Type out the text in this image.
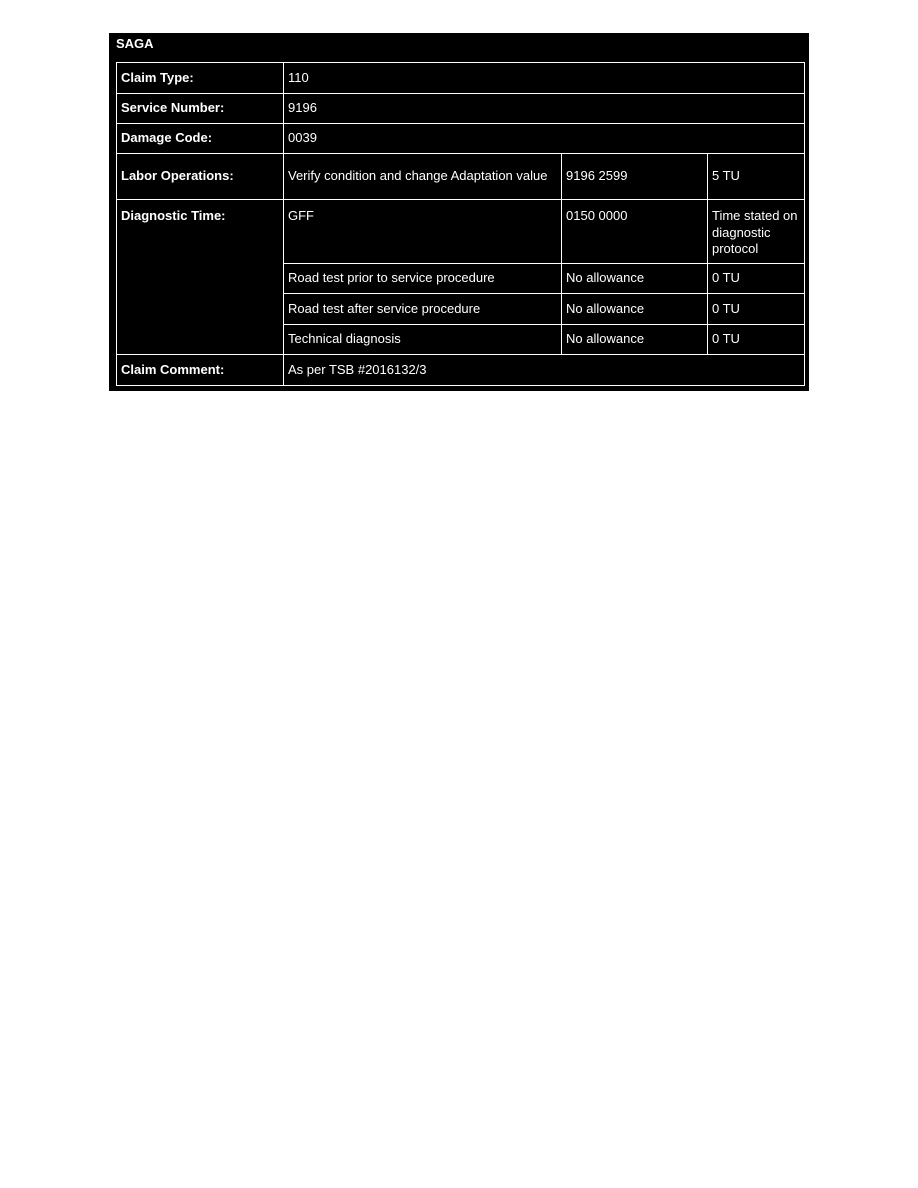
SAGA
Claim Type:	110		
Service Number:	9196		
Damage Code:	0039		
Labor Operations:	Verify condition and change Adaptation value	9196 2599	5 TU
Diagnostic Time:	GFF	0150 0000	Time stated on diagnostic protocol
	Road test prior to service procedure	No allowance	0 TU
	Road test after service procedure	No allowance	0 TU
	Technical diagnosis	No allowance	0 TU
Claim Comment:	As per TSB #2016132/3		
